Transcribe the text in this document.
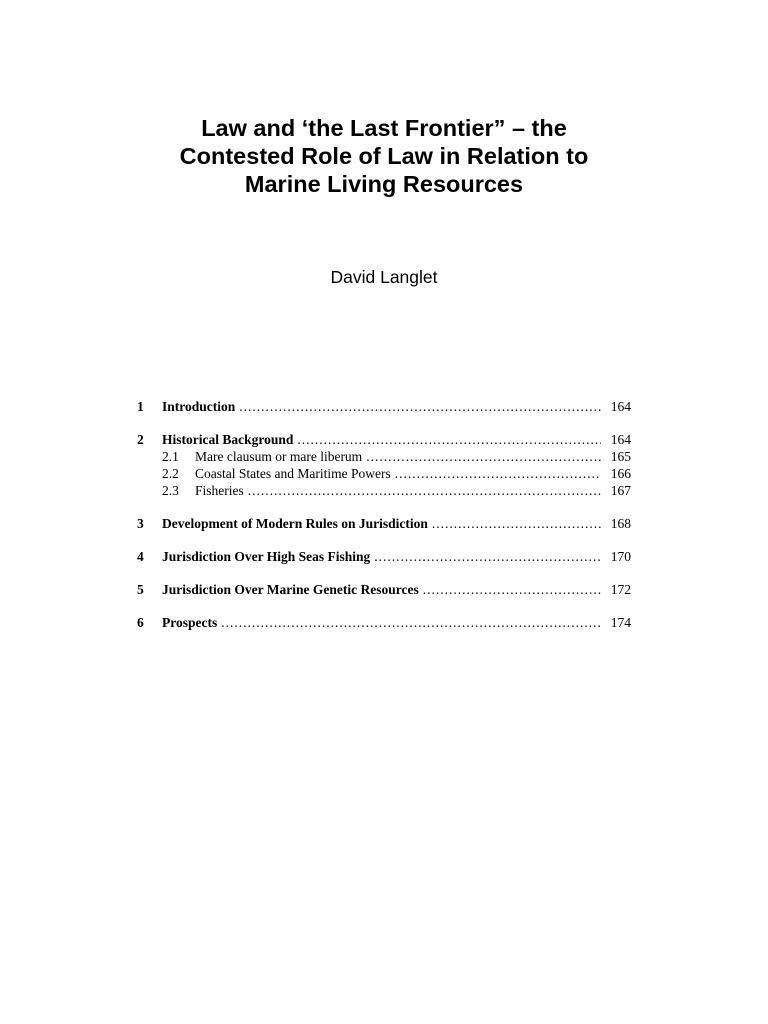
Law and ‘the Last Frontier” – the
Contested Role of Law in Relation to
Marine Living Resources
David Langlet
1	Introduction .....	164
2	Historical Background .....	164
2.1	Mare clausum or mare liberum .....	165
2.2	Coastal States and Maritime Powers .....	166
2.3	Fisheries .....	167
3	Development of Modern Rules on Jurisdiction .....	168
4	Jurisdiction Over High Seas Fishing .....	170
5	Jurisdiction Over Marine Genetic Resources .....	172
6	Prospects .....	174
